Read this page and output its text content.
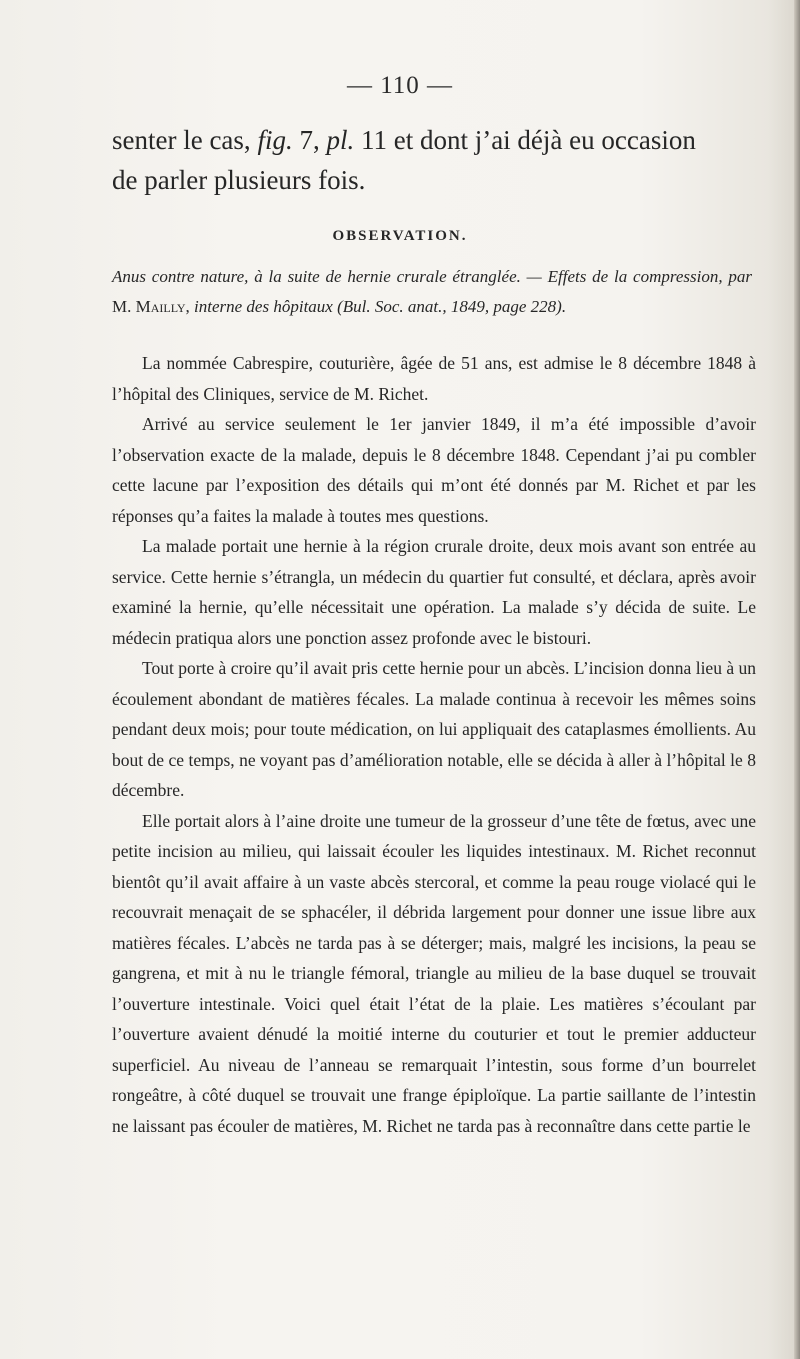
— 110 —

senter le cas, fig. 7, pl. 11 et dont j’ai déjà eu occasion de parler plusieurs fois.

OBSERVATION.
Anus contre nature, à la suite de hernie crurale étranglée. — Effets de la compression, par M. Mailly, interne des hôpitaux (Bul. Soc. anat., 1849, page 228).

La nommée Cabrespire, couturière, âgée de 51 ans, est admise le 8 décembre 1848 à l’hôpital des Cliniques, service de M. Richet.

Arrivé au service seulement le 1er janvier 1849, il m’a été impossible d’avoir l’observation exacte de la malade, depuis le 8 décembre 1848. Cependant j’ai pu combler cette lacune par l’exposition des détails qui m’ont été donnés par M. Richet et par les réponses qu’a faites la malade à toutes mes questions.

La malade portait une hernie à la région crurale droite, deux mois avant son entrée au service. Cette hernie s’étrangla, un médecin du quartier fut consulté, et déclara, après avoir examiné la hernie, qu’elle nécessitait une opération. La malade s’y décida de suite. Le médecin pratiqua alors une ponction assez profonde avec le bistouri.

Tout porte à croire qu’il avait pris cette hernie pour un abcès. L’incision donna lieu à un écoulement abondant de matières fécales. La malade continua à recevoir les mêmes soins pendant deux mois; pour toute médication, on lui appliquait des cataplasmes émollients. Au bout de ce temps, ne voyant pas d’amélioration notable, elle se décida à aller à l’hôpital le 8 décembre.

Elle portait alors à l’aine droite une tumeur de la grosseur d’une tête de fœtus, avec une petite incision au milieu, qui laissait écouler les liquides intestinaux. M. Richet reconnut bientôt qu’il avait affaire à un vaste abcès stercoral, et comme la peau rouge violacé qui le recouvrait menaçait de se sphacéler, il débrida largement pour donner une issue libre aux matières fécales. L’abcès ne tarda pas à se déterger; mais, malgré les incisions, la peau se gangrena, et mit à nu le triangle fémoral, triangle au milieu de la base duquel se trouvait l’ouverture intestinale. Voici quel était l’état de la plaie. Les matières s’écoulant par l’ouverture avaient dénudé la moitié interne du couturier et tout le premier adducteur superficiel. Au niveau de l’anneau se remarquait l’intestin, sous forme d’un bourrelet rongeâtre, à côté duquel se trouvait une frange épiploïque. La partie saillante de l’intestin ne laissant pas écouler de matières, M. Richet ne tarda pas à reconnaître dans cette partie le
